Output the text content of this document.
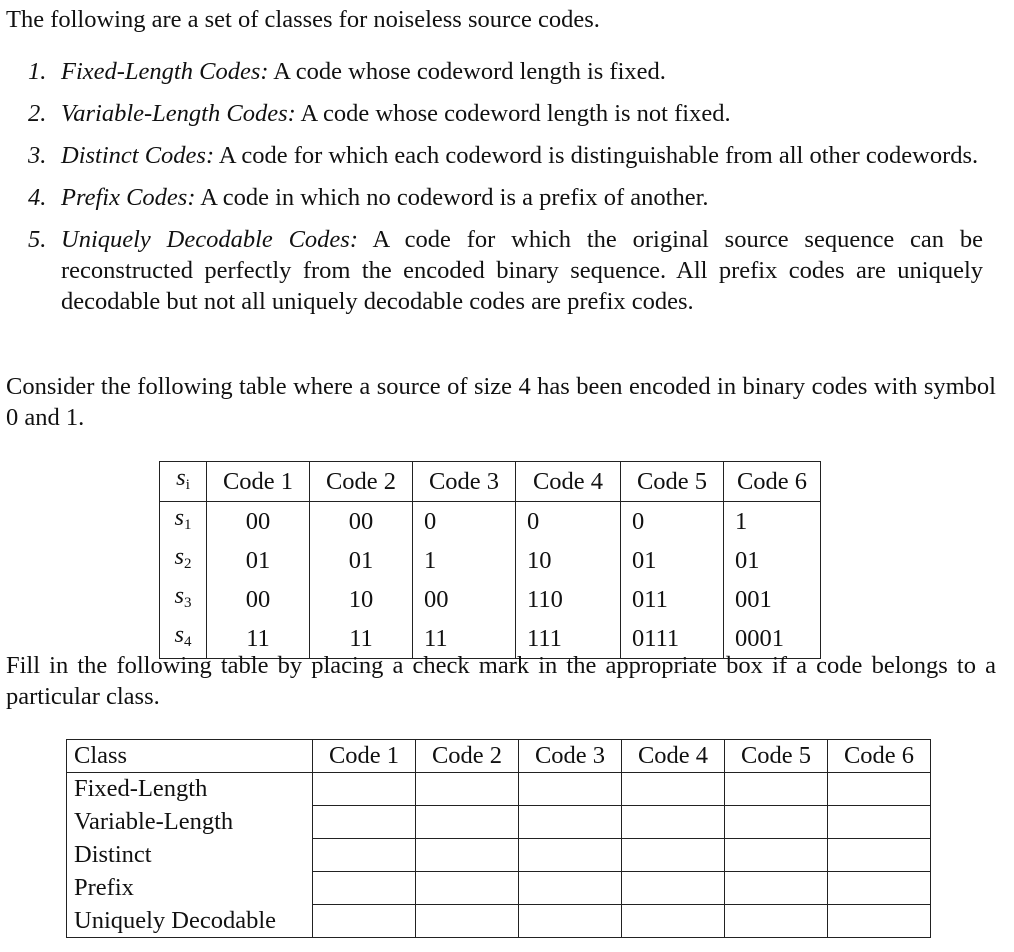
The following are a set of classes for noiseless source codes.
1. Fixed-Length Codes: A code whose codeword length is fixed.
2. Variable-Length Codes: A code whose codeword length is not fixed.
3. Distinct Codes: A code for which each codeword is distinguishable from all other codewords.
4. Prefix Codes: A code in which no codeword is a prefix of another.
5. Uniquely Decodable Codes: A code for which the original source sequence can be reconstructed perfectly from the encoded binary sequence. All prefix codes are uniquely decodable but not all uniquely decodable codes are prefix codes.
Consider the following table where a source of size 4 has been encoded in binary codes with symbol 0 and 1.
$s_i$	Code 1	Code 2	Code 3	Code 4	Code 5	Code 6
$s_1$	00	00	0	0	0	1
$s_2$	01	01	1	10	01	01
$s_3$	00	10	00	110	011	001
$s_4$	11	11	11	111	0111	0001
Fill in the following table by placing a check mark in the appropriate box if a code belongs to a particular class.
Class	Code 1	Code 2	Code 3	Code 4	Code 5	Code 6
Fixed-Length						
Variable-Length						
Distinct						
Prefix						
Uniquely Decodable						
